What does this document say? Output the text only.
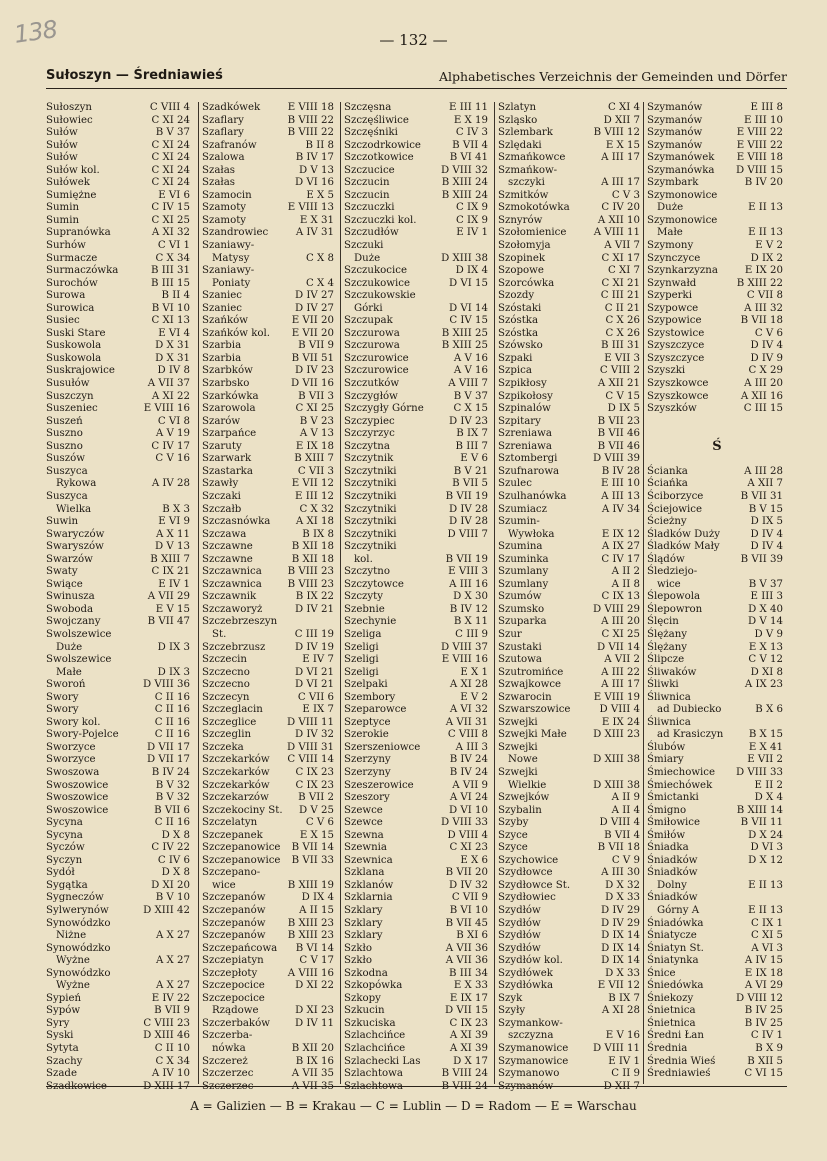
138	— 132 —
Sułoszyn — Średniawieś	Alphabetisches Verzeichnis der Gemeinden und Dörfer
Sułoszyn	C VIII 4
Sułowiec	C XI 24
Sułów	B V 37
Sułów	C XI 24
Sułów	C XI 24
Sułów kol.	C XI 24
Sułówek	C XI 24
Sumiężne	E VI 6
Sumin	C IV 15
Sumin	C XI 25
Supranówka	A XI 32
Surhów	C VI 1
Surmacze	C X 34
Surmaczówka	B III 31
Surochów	B III 15
Surowa	B II 4
Surowica	B VI 10
Susiec	C XI 13
Suski Stare	E VI 4
Suskowola	D X 31
Suskowola	D X 31
Suskrajowice	D IV 8
Susułów	A VII 37
Suszczyn	A XI 22
Suszeniec	E VIII 16
Suszeń	C VI 8
Suszno	A V 19
Suszno	C IV 17
Suszów	C V 16
Suszyca
Rykowa	A IV 28
Suszyca
Wielka	B X 3
Suwin	E VI 9
Swaryczów	A X 11
Swaryszów	D V 13
Swarzów	B XIII 7
Swaty	C IX 21
Swiące	E IV 1
Swinusza	A VII 29
Swoboda	E V 15
Swojczany	B VII 47
Swolszewice
Duże	D IX 3
Swolszewice
Małe	D IX 3
Sworoń	D VIII 36
Swory	C II 16
Swory	C II 16
Swory kol.	C II 16
Swory-Pojelce	C II 16
Sworzyce	D VII 17
Sworzyce	D VII 17
Swoszowa	B IV 24
Swoszowice	B V 32
Swoszowice	B V 32
Swoszowice	B VII 6
Sycyna	C II 16
Sycyna	D X 8
Syczów	C IV 22
Syczyn	C IV 6
Sydół	D X 8
Sygątka	D XI 20
Sygneczów	B V 10
Sylwerynów	D XIII 42
Synowódzko
Niżne	A X 27
Synowódzko
Wyżne	A X 27
Synowódzko
Wyżne	A X 27
Sypień	E IV 22
Sypów	B VII 9
Syry	C VIII 23
Syski	D XIII 46
Sytyta	C II 10
Szachy	C X 34
Szade	A IV 10
Szadkowice	D XIII 17
Szadkówek	E VIII 18
Szaflary	B VIII 22
Szaflary	B VIII 22
Szafranów	B II 8
Szalowa	B IV 17
Szałas	D V 13
Szałas	D VI 16
Szamocin	E X 5
Szamoty	E VIII 13
Szamoty	E X 31
Szandrowiec	A IV 31
Szaniawy-
Matysy	C X 8
Szaniawy-
Poniaty	C X 4
Szaniec	D IV 27
Szaniec	D IV 27
Szańków	E VII 20
Szańków kol. E VII 20
Szarbia	B VII 9
Szarbia	B VII 51
Szarbków	D IV 23
Szarbsko	D VII 16
Szarkówka	B VII 3
Szarowola	C XI 25
Szarów	B V 23
Szarpańce	A V 13
Szaruty	E IX 18
Szarwark	B XIII 7
Szastarka	C VII 3
Szawły	E VII 12
Szczaki	E III 12
Szczałb	C X 32
Szczasnówka	A XI 18
Szczawa	B IX 8
Szczawne	B XII 18
Szczawne	B XII 18
Szczawnica	B VIII 23
Szczawnica	B VIII 23
Szczawnik	B IX 22
Szczaworyż	D IV 21
Szczebrzeszyn
St.	C III 19
Szczebrzusz	D IV 19
Szczecin	E IV 7
Szczecno	D VI 21
Szczecno	D VI 21
Szczecyn	C VII 6
Szczeglacin	E IX 7
Szczeglice	D VIII 11
Szczeglin	D IV 32
Szczeka	D VIII 31
Szczekarków C VIII 14
Szczekarków	C IX 23
Szczekarków	C IX 23
Szczekarzów	B VII 2
Szczekociny St. D V 25
Szczelatyn	C V 6
Szczepanek	E X 15
Szczepanowice B VII 14
Szczepanowice B VII 33
Szczepano-
wice	B XIII 19
Szczepanów	D IX 4
Szczepanów	A II 15
Szczepanów B XIII 23
Szczepanów B XIII 23
Szczepańcowa B VI 14
Szczepiatyn	C V 17
Szczepłoty	A VIII 16
Szczepocice	D XI 22
Szczepocice
Rządowe	D XI 23
Szczerbaków D IV 11
Szczerba-
nówka	B XII 20
Szczereż	B IX 16
Szczerzec	A VII 35
Szczerzec	A VII 35
Szczęsna	E III 11
Szczęśliwice	E X 19
Szczęśniki	C IV 3
Szczodrkowice	B VII 4
Szczotkowice	B VI 41
Szczucice	D VIII 32
Szczucin	B XIII 24
Szczucin	B XIII 24
Szczuczki	C IX 9
Szczuczki kol.	C IX 9
Szczudłów	E IV 1
Szczuki
Duże	D XIII 38
Szczukocice	D IX 4
Szczukowice	D VI 15
Szczukowskie
Górki	D VI 14
Szczupak	C IV 15
Szczurowa	B XIII 25
Szczurowa	B XIII 25
Szczurowice	A V 16
Szczurowice	A V 16
Szczutków	A VIII 7
Szczygłów	B V 37
Szczygły Górne	C X 15
Szczypiec	D IV 23
Szczyrzyc	B IX 7
Szczytna	B III 7
Szczytnik	E V 6
Szczytniki	B V 21
Szczytniki	B VII 5
Szczytniki	B VII 19
Szczytniki	D IV 28
Szczytniki	D IV 28
Szczytniki	D VIII 7
Szczytniki
kol.	B VII 19
Szczytno	E VIII 3
Szczytowce	A III 16
Szczyty	D X 30
Szebnie	B IV 12
Szechynie	B X 11
Szeliga	C III 9
Szeligi	D VIII 37
Szeligi	E VIII 16
Szeligi	E X 1
Szelpaki	A XI 28
Szembory	E V 2
Szeparowce	A VI 32
Szeptyce	A VII 31
Szerokie	C VIII 8
Szerszeniowce	A III 3
Szerzyny	B IV 24
Szerzyny	B IV 24
Szeszerowice	A VII 9
Szeszory	A VI 24
Szewce	D VI 10
Szewce	D VIII 33
Szewna	D VIII 4
Szewnia	C XI 23
Szewnica	E X 6
Szklana	B VII 20
Szklanów	D IV 32
Szklarnia	C VII 9
Szklary	B VI 10
Szklary	B VII 45
Szklary	B XI 6
Szkło	A VII 36
Szkło	A VII 36
Szkodna	B III 34
Szkopówka	E X 33
Szkopy	E IX 17
Szkucin	D VII 15
Szkuciska	C IX 23
Szlachcińce	A XI 39
Szlachcińce	A XI 39
Szlachecki Las	D X 17
Szlachtowa	B VIII 24
Szlachtowa	B VIII 24
Szlatyn	C XI 4
Szląsko	D XII 7
Szlembark	B VIII 12
Szlędaki	E X 15
Szmańkowce	A III 17
Szmańkow-
szczyki	A III 17
Szmitków	C V 3
Szmokotówka	C IV 20
Sznyrów	A XII 10
Szołomienice	A VIII 11
Szołomyja	A VII 7
Szopinek	C XI 17
Szopowe	C XI 7
Szorcówka	C XI 21
Szozdy	C III 21
Szóstaki	C II 21
Szóstka	C X 26
Szóstka	C X 26
Szówsko	B III 31
Szpaki	E VII 3
Szpica	C VIII 2
Szpikłosy	A XII 21
Szpikołosy	C V 15
Szpinalów	D IX 5
Szpitary	B VII 23
Szreniawa	B VII 46
Szreniawa	B VII 46
Sztombergi	D VIII 39
Szufnarowa	B IV 28
Szulec	E III 10
Szulhanówka	A III 13
Szumiacz	A IV 34
Szumin-
Wywłoka	E IX 12
Szumina	A IX 27
Szuminka	C IV 17
Szumlany	A II 2
Szumlany	A II 8
Szumów	C IX 13
Szumsko	D VIII 29
Szuparka	A III 20
Szur	C XI 25
Szustaki	D VII 14
Szutowa	A VII 2
Szutromińce	A III 22
Szwajkowce	A III 17
Szwarocin	E VIII 19
Szwarszowice	D VIII 4
Szwejki	E IX 24
Szwejki Małe	D XIII 23
Szwejki
Nowe	D XIII 38
Szwejki
Wielkie	D XIII 38
Szwejków	A II 9
Szybalin	A II 4
Szyby	D VIII 4
Szyce	B VII 4
Szyce	B VII 18
Szychowice	C V 9
Szydłowce	A III 30
Szydłowce St.	D X 32
Szydłowiec	D X 33
Szydłów	D IV 29
Szydłów	D IV 29
Szydłów	D IX 14
Szydłów	D IX 14
Szydłów kol.	D IX 14
Szydłówek	D X 33
Szydłówka	E VII 12
Szyk	B IX 7
Szyły	A XI 28
Szymankow-
szczyzna	E V 16
Szymanowice D VIII 11
Szymanowice	E IV 1
Szymanowo	C II 9
Szymanów	D XII 7
Szymanów	E III 8
Szymanów	E III 10
Szymanów	E VIII 22
Szymanów	E VIII 22
Szymanówek E VIII 18
Szymanówka D VIII 15
Szymbark	B IV 20
Szymonowice
Duże	E II 13
Szymonowice
Małe	E II 13
Szymony	E V 2
Szynczyce	D IX 2
Szynkarzyzna	E IX 20
Szynwałd	B XIII 22
Szyperki	C VII 8
Szypowce	A III 32
Szypowice	B VII 18
Szystowice	C V 6
Szyszczyce	D IV 4
Szyszczyce	D IV 9
Szyszki	C X 29
Szyszkowce	A III 20
Szyszkowce	A XII 16
Szyszków	C III 15
Ś
Ścianka	A III 28
Ściańka	A XII 7
Ściborzyce	B VII 31
Ściejowice	B V 15
Ścieżny	D IX 5
Śladków Duży	D IV 4
Śladków Mały	D IV 4
Ślądów	B VII 39
Śledziejo-
wice	B V 37
Ślepowola	E III 3
Ślepowron	D X 40
Ślęcin	D V 14
Ślężany	D V 9
Ślężany	E X 13
Ślipcze	C V 12
Śliwaków	D XI 8
Śliwki	A IX 23
Śliwnica
ad Dubiecko	B X 6
Śliwnica
ad Krasiczyn	B X 15
Ślubów	E X 41
Śmiary	E VII 2
Śmiechowice D VIII 33
Śmiechówek	E II 2
Śmictanki	D X 4
Śmigno	B XIII 14
Śmiłowice	B VII 11
Śmiłów	D X 24
Śniadka	D VI 3
Śniadków	D X 12
Śniadków
Dolny	E II 13
Śniadków
Górny A	E II 13
Śniadówka	C IX 1
Śniatycze	C XI 5
Śniatyn St.	A VI 3
Śniatynka	A IV 15
Śnice	E IX 18
Śniedówka	A VI 29
Śniekozy	D VIII 12
Śnietnica	B IV 25
Śnietnica	B IV 25
Średni Łan	C IV 1
Średnia	B X 9
Średnia Wieś	B XII 5
Średniawieś	C VI 15
A = Galizien — B = Krakau — C = Lublin — D = Radom — E = Warschau
